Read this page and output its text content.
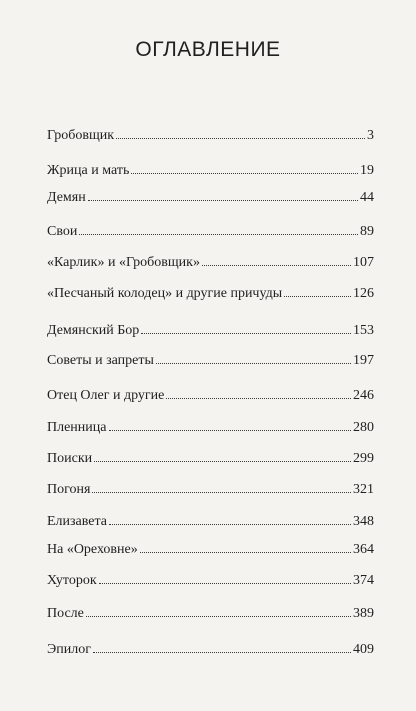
ОГЛАВЛЕНИЕ
Гробовщик	3
Жрица и мать	19
Демян	44
Свои	89
«Карлик» и «Гробовщик»	107
«Песчаный колодец» и другие причуды	126
Демянский Бор	153
Советы и запреты	197
Отец Олег и другие	246
Пленница	280
Поиски	299
Погоня	321
Елизавета	348
На «Ореховне»	364
Хуторок	374
После	389
Эпилог	409
